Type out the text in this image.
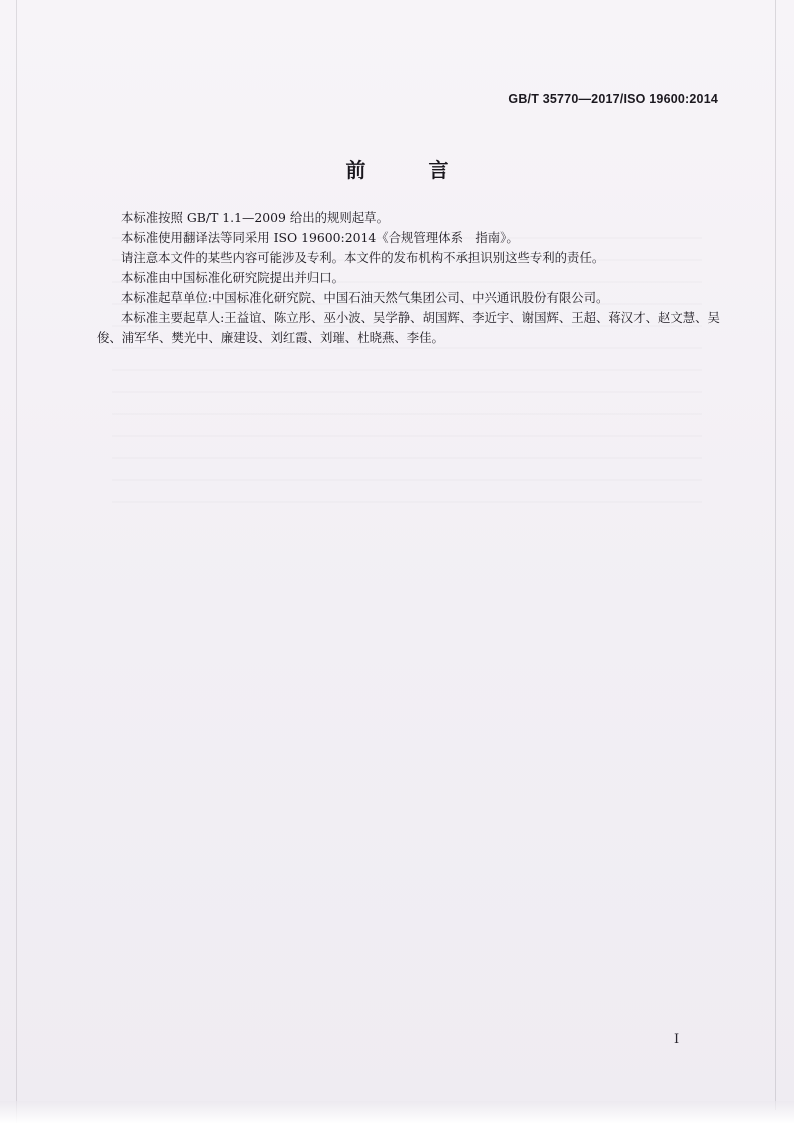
GB/T 35770—2017/ISO 19600:2014
前 言

本标准按照 GB/T 1.1—2009 给出的规则起草。

本标准使用翻译法等同采用 ISO 19600:2014《合规管理体系　指南》。

请注意本文件的某些内容可能涉及专利。本文件的发布机构不承担识别这些专利的责任。

本标准由中国标准化研究院提出并归口。

本标准起草单位:中国标准化研究院、中国石油天然气集团公司、中兴通讯股份有限公司。

本标准主要起草人:王益谊、陈立彤、巫小波、吴学静、胡国辉、李近宇、谢国辉、王超、蒋汉才、赵文慧、吴俊、浦军华、樊光中、廉建设、刘红霞、刘璀、杜晓燕、李佳。

I
